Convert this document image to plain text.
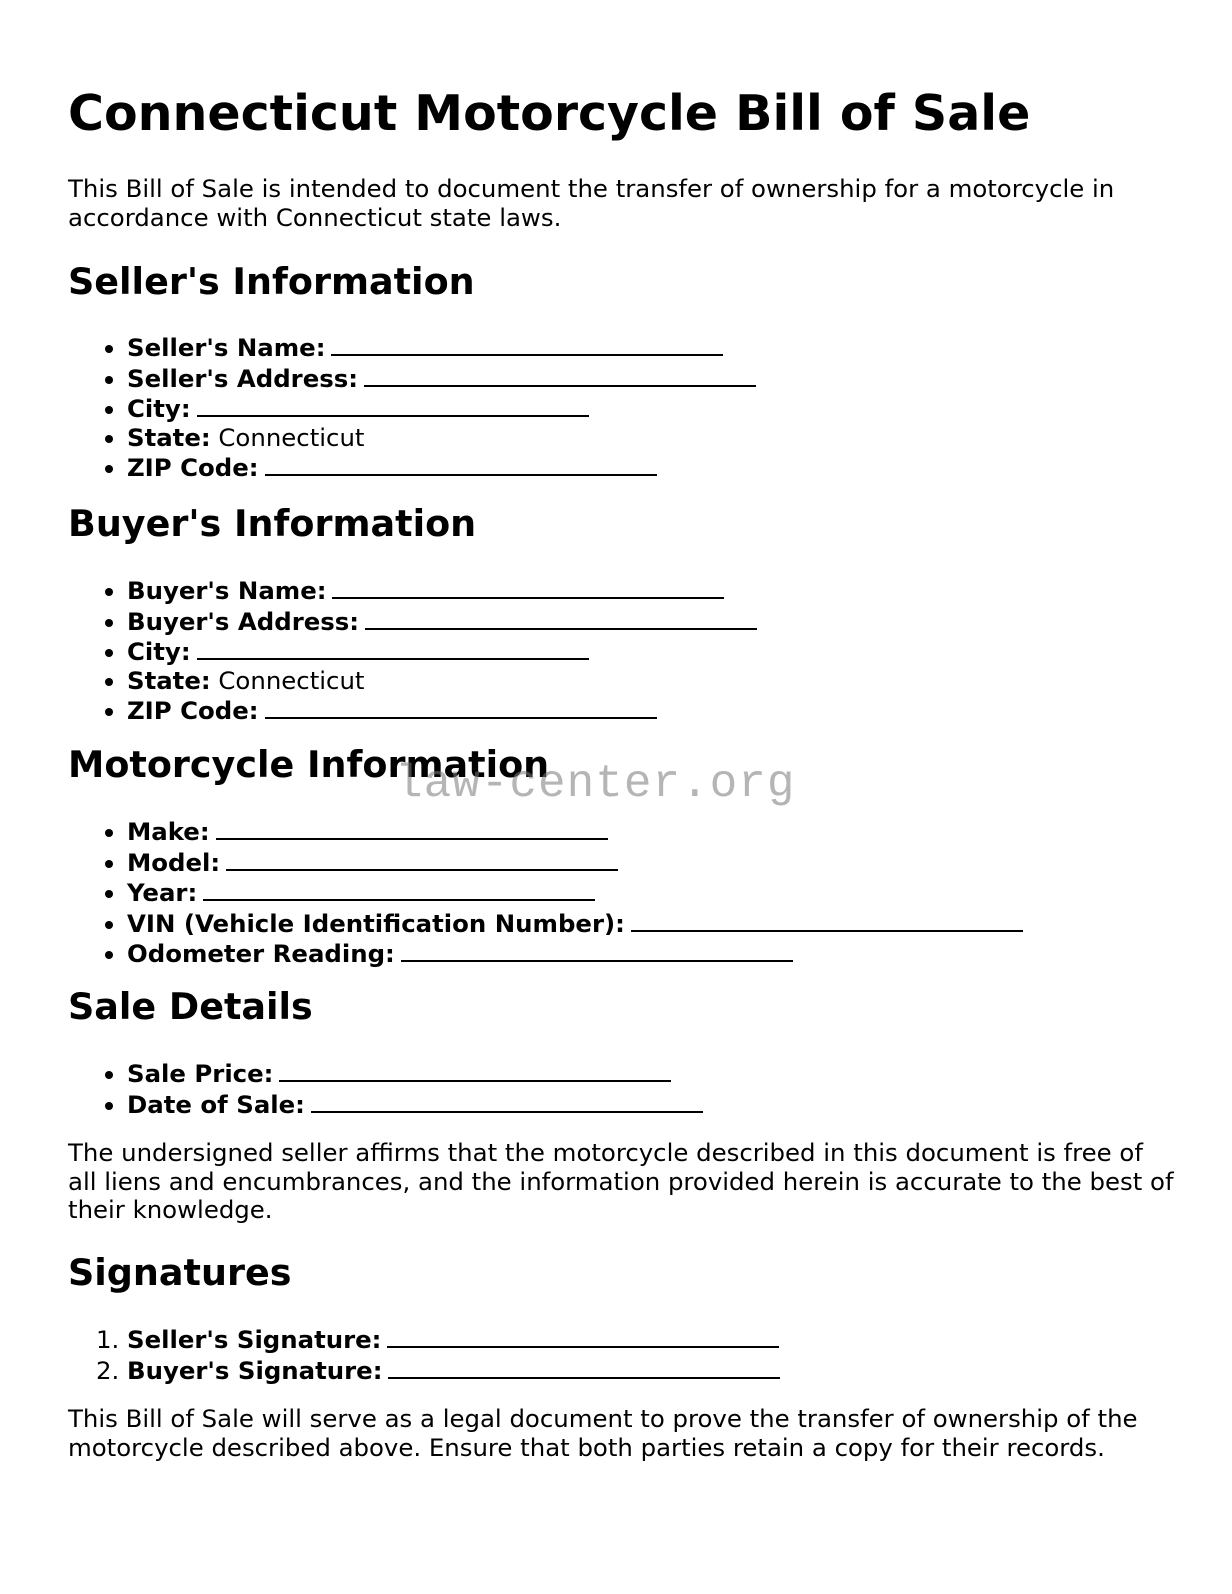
Connecticut Motorcycle Bill of Sale

This Bill of Sale is intended to document the transfer of ownership for a motorcycle in accordance with Connecticut state laws.

Seller's Information
• Seller's Name:
• Seller's Address:
• City:
• State: Connecticut
• ZIP Code:
Buyer's Information
• Buyer's Name:
• Buyer's Address:
• City:
• State: Connecticut
• ZIP Code:
Motorcycle Information
• Make:
• Model:
• Year:
• VIN (Vehicle Identification Number):
• Odometer Reading:
Sale Details
• Sale Price:
• Date of Sale:

The undersigned seller affirms that the motorcycle described in this document is free of all liens and encumbrances, and the information provided herein is accurate to the best of their knowledge.

Signatures
1. Seller's Signature:
2. Buyer's Signature:

This Bill of Sale will serve as a legal document to prove the transfer of ownership of the motorcycle described above. Ensure that both parties retain a copy for their records.

law-center.org
